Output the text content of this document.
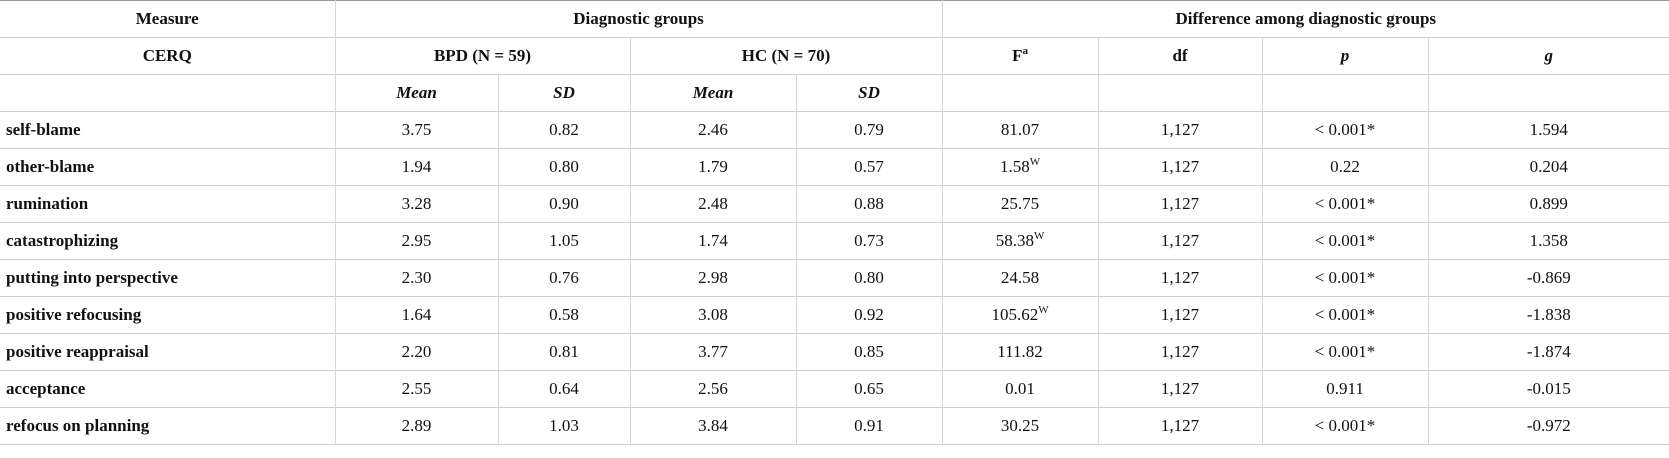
Measure	Diagnostic groups				Difference among diagnostic groups			
CERQ	BPD (N = 59)		HC (N = 70)		$F^a$	df	p	g
	Mean	SD	Mean	SD				
self-blame	3.75	0.82	2.46	0.79	81.07	1,127	< 0.001*	1.594
other-blame	1.94	0.80	1.79	0.57	$1.58^W$	1,127	0.22	0.204
rumination	3.28	0.90	2.48	0.88	25.75	1,127	< 0.001*	0.899
catastrophizing	2.95	1.05	1.74	0.73	$58.38^W$	1,127	< 0.001*	1.358
putting into perspective	2.30	0.76	2.98	0.80	24.58	1,127	< 0.001*	-0.869
positive refocusing	1.64	0.58	3.08	0.92	$105.62^W$	1,127	< 0.001*	-1.838
positive reappraisal	2.20	0.81	3.77	0.85	111.82	1,127	< 0.001*	-1.874
acceptance	2.55	0.64	2.56	0.65	0.01	1,127	0.911	-0.015
refocus on planning	2.89	1.03	3.84	0.91	30.25	1,127	< 0.001*	-0.972
